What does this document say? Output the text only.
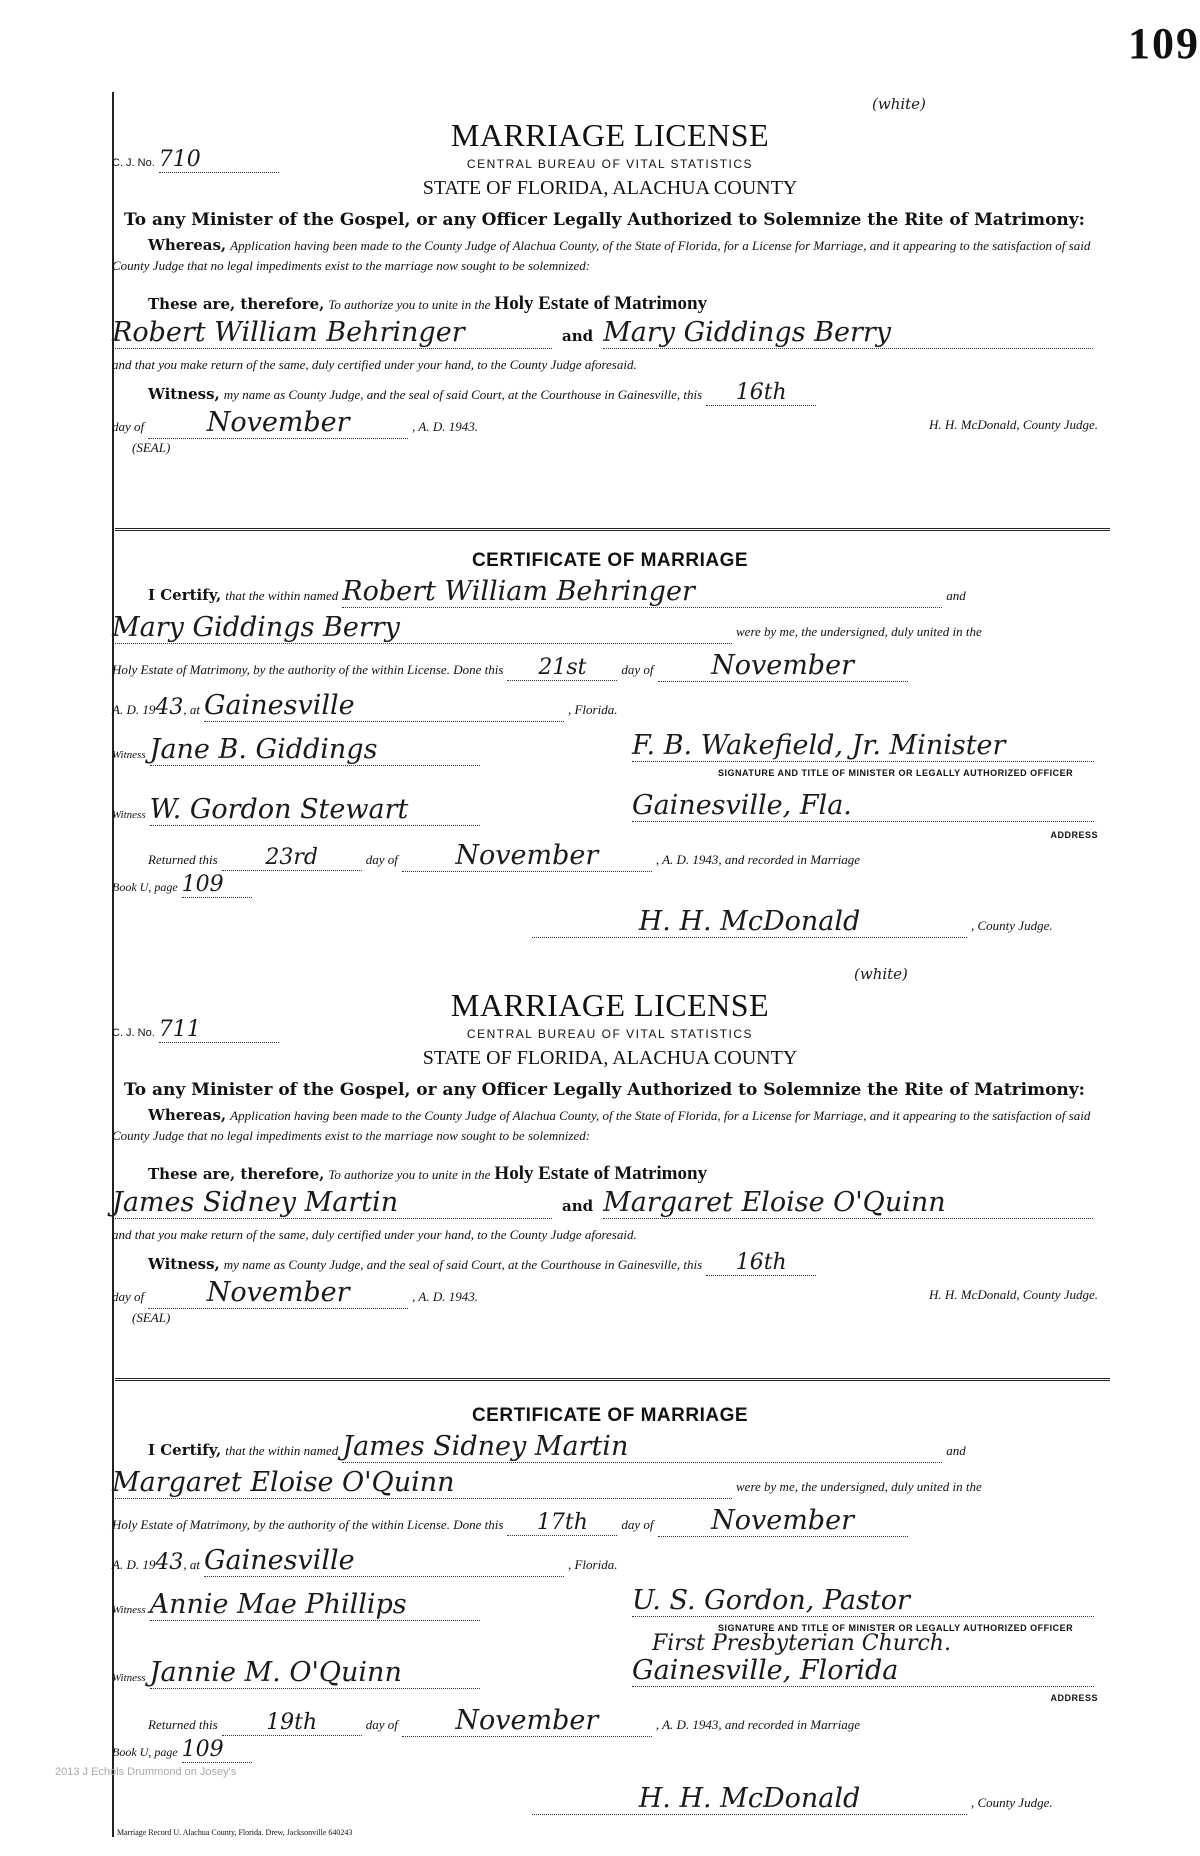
109
(white)
MARRIAGE LICENSE
CENTRAL BUREAU OF VITAL STATISTICS
C. J. No. 710
STATE OF FLORIDA, ALACHUA COUNTY
To any Minister of the Gospel, or any Officer Legally Authorized to Solemnize the Rite of Matrimony:
Whereas, Application having been made to the County Judge of Alachua County, of the State of Florida, for a License for Marriage, and it appearing to the satisfaction of said County Judge that no legal impediments exist to the marriage now sought to be solemnized:
These are, therefore, To authorize you to unite in the Holy Estate of Matrimony
Robert William Behringer	and Mary Giddings Berry
and that you make return of the same, duly certified under your hand, to the County Judge aforesaid.
Witness, my name as County Judge, and the seal of said Court, at the Courthouse in Gainesville, this 16th
day of November	, A. D. 1943.	H. H. McDonald, County Judge.
(SEAL)
CERTIFICATE OF MARRIAGE
I Certify, that the within named Robert William Behringer	and
Mary Giddings Berry	were by me, the undersigned, duly united in the
Holy Estate of Matrimony, by the authority of the within License. Done this 21st	day of November
A. D. 1943, at Gainesville	, Florida.
Witness Jane B. Giddings	F. B. Wakefield, Jr. Minister
SIGNATURE AND TITLE OF MINISTER OR LEGALLY AUTHORIZED OFFICER
Witness W. Gordon Stewart	Gainesville, Fla.
ADDRESS
Returned this 23rd	day of November	, A. D. 1943, and recorded in Marriage
Book U, page 109
H. H. McDonald	, County Judge.
(white)
MARRIAGE LICENSE
CENTRAL BUREAU OF VITAL STATISTICS
C. J. No. 711
STATE OF FLORIDA, ALACHUA COUNTY
To any Minister of the Gospel, or any Officer Legally Authorized to Solemnize the Rite of Matrimony:
Whereas, Application having been made to the County Judge of Alachua County, of the State of Florida, for a License for Marriage, and it appearing to the satisfaction of said County Judge that no legal impediments exist to the marriage now sought to be solemnized:
These are, therefore, To authorize you to unite in the Holy Estate of Matrimony
James Sidney Martin	and Margaret Eloise O'Quinn
and that you make return of the same, duly certified under your hand, to the County Judge aforesaid.
Witness, my name as County Judge, and the seal of said Court, at the Courthouse in Gainesville, this 16th
day of November	, A. D. 1943.	H. H. McDonald, County Judge.
(SEAL)
CERTIFICATE OF MARRIAGE
I Certify, that the within named James Sidney Martin	and
Margaret Eloise O'Quinn	were by me, the undersigned, duly united in the
Holy Estate of Matrimony, by the authority of the within License. Done this 17th	day of November
A. D. 1943, at Gainesville	, Florida.
Witness Annie Mae Phillips	U. S. Gordon, Pastor
SIGNATURE AND TITLE OF MINISTER OR LEGALLY AUTHORIZED OFFICER
First Presbyterian Church.
Witness Jannie M. O'Quinn	Gainesville, Florida
ADDRESS
Returned this 19th	day of November	, A. D. 1943, and recorded in Marriage
Book U, page 109
H. H. McDonald	, County Judge.
2013 J Echols Drummond on Josey's
Marriage Record U. Alachua County, Florida. Drew, Jacksonville 640243
